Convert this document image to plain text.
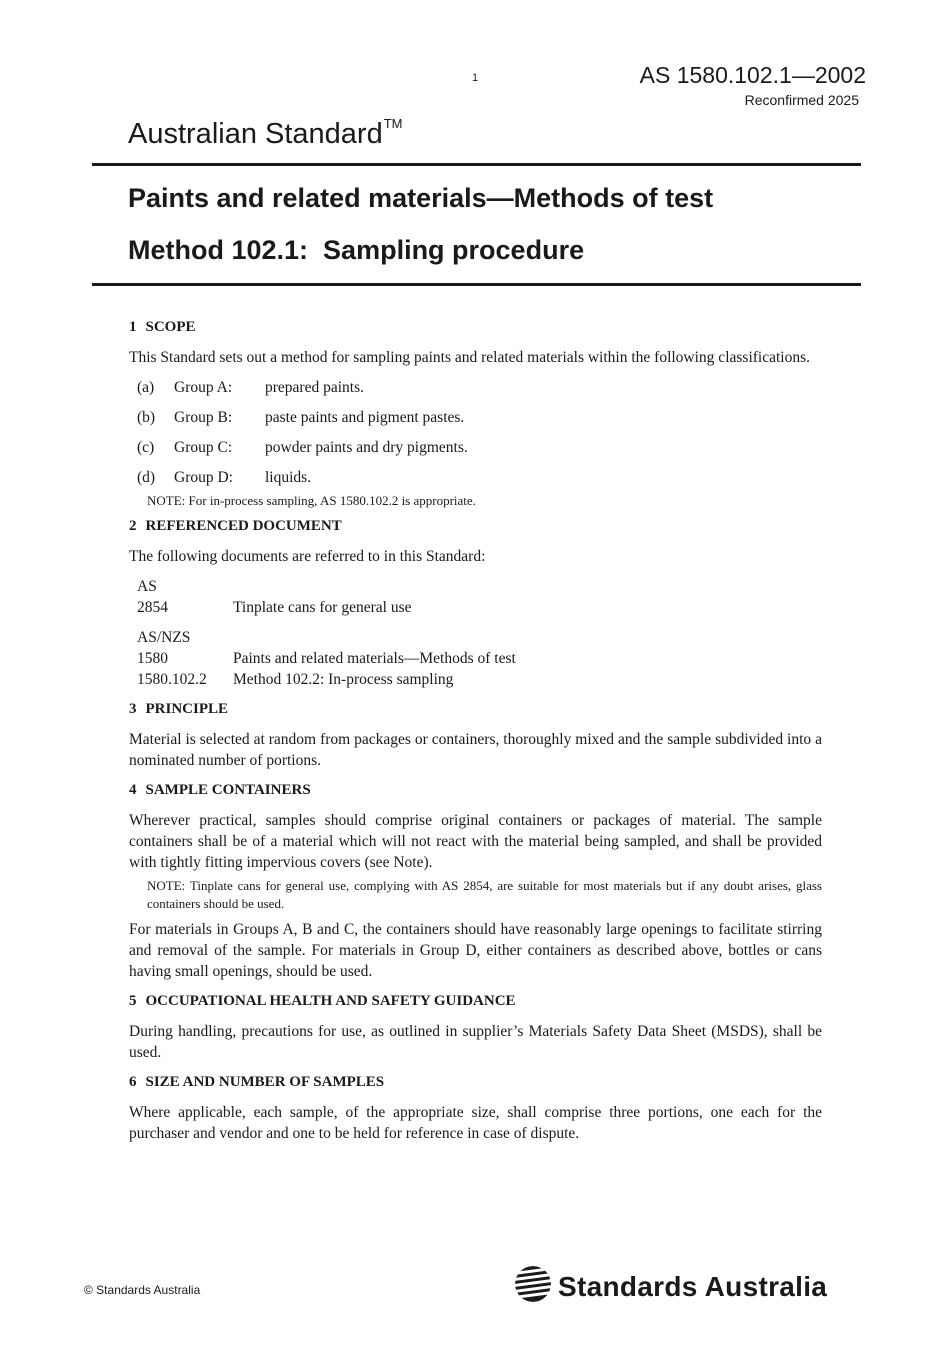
1	AS 1580.102.1—2002
Reconfirmed 2025
Australian Standard™
Paints and related materials—Methods of test
Method 102.1:  Sampling procedure
1 SCOPE

This Standard sets out a method for sampling paints and related materials within the following classifications.

(a)	Group A:	prepared paints.
(b)	Group B:	paste paints and pigment pastes.
(c)	Group C:	powder paints and dry pigments.
(d)	Group D:	liquids.
NOTE: For in-process sampling, AS 1580.102.2 is appropriate.
2 REFERENCED DOCUMENT

The following documents are referred to in this Standard:

AS
2854	Tinplate cans for general use
AS/NZS
1580	Paints and related materials—Methods of test
1580.102.2	Method 102.2: In-process sampling
3 PRINCIPLE

Material is selected at random from packages or containers, thoroughly mixed and the sample subdivided into a nominated number of portions.

4 SAMPLE CONTAINERS

Wherever practical, samples should comprise original containers or packages of material. The sample containers shall be of a material which will not react with the material being sampled, and shall be provided with tightly fitting impervious covers (see Note).

NOTE: Tinplate cans for general use, complying with AS 2854, are suitable for most materials but if any doubt arises, glass containers should be used.

For materials in Groups A, B and C, the containers should have reasonably large openings to facilitate stirring and removal of the sample. For materials in Group D, either containers as described above, bottles or cans having small openings, should be used.

5 OCCUPATIONAL HEALTH AND SAFETY GUIDANCE

During handling, precautions for use, as outlined in supplier’s Materials Safety Data Sheet (MSDS), shall be used.

6 SIZE AND NUMBER OF SAMPLES

Where applicable, each sample, of the appropriate size, shall comprise three portions, one each for the purchaser and vendor and one to be held for reference in case of dispute.

© Standards Australia	Standards Australia
